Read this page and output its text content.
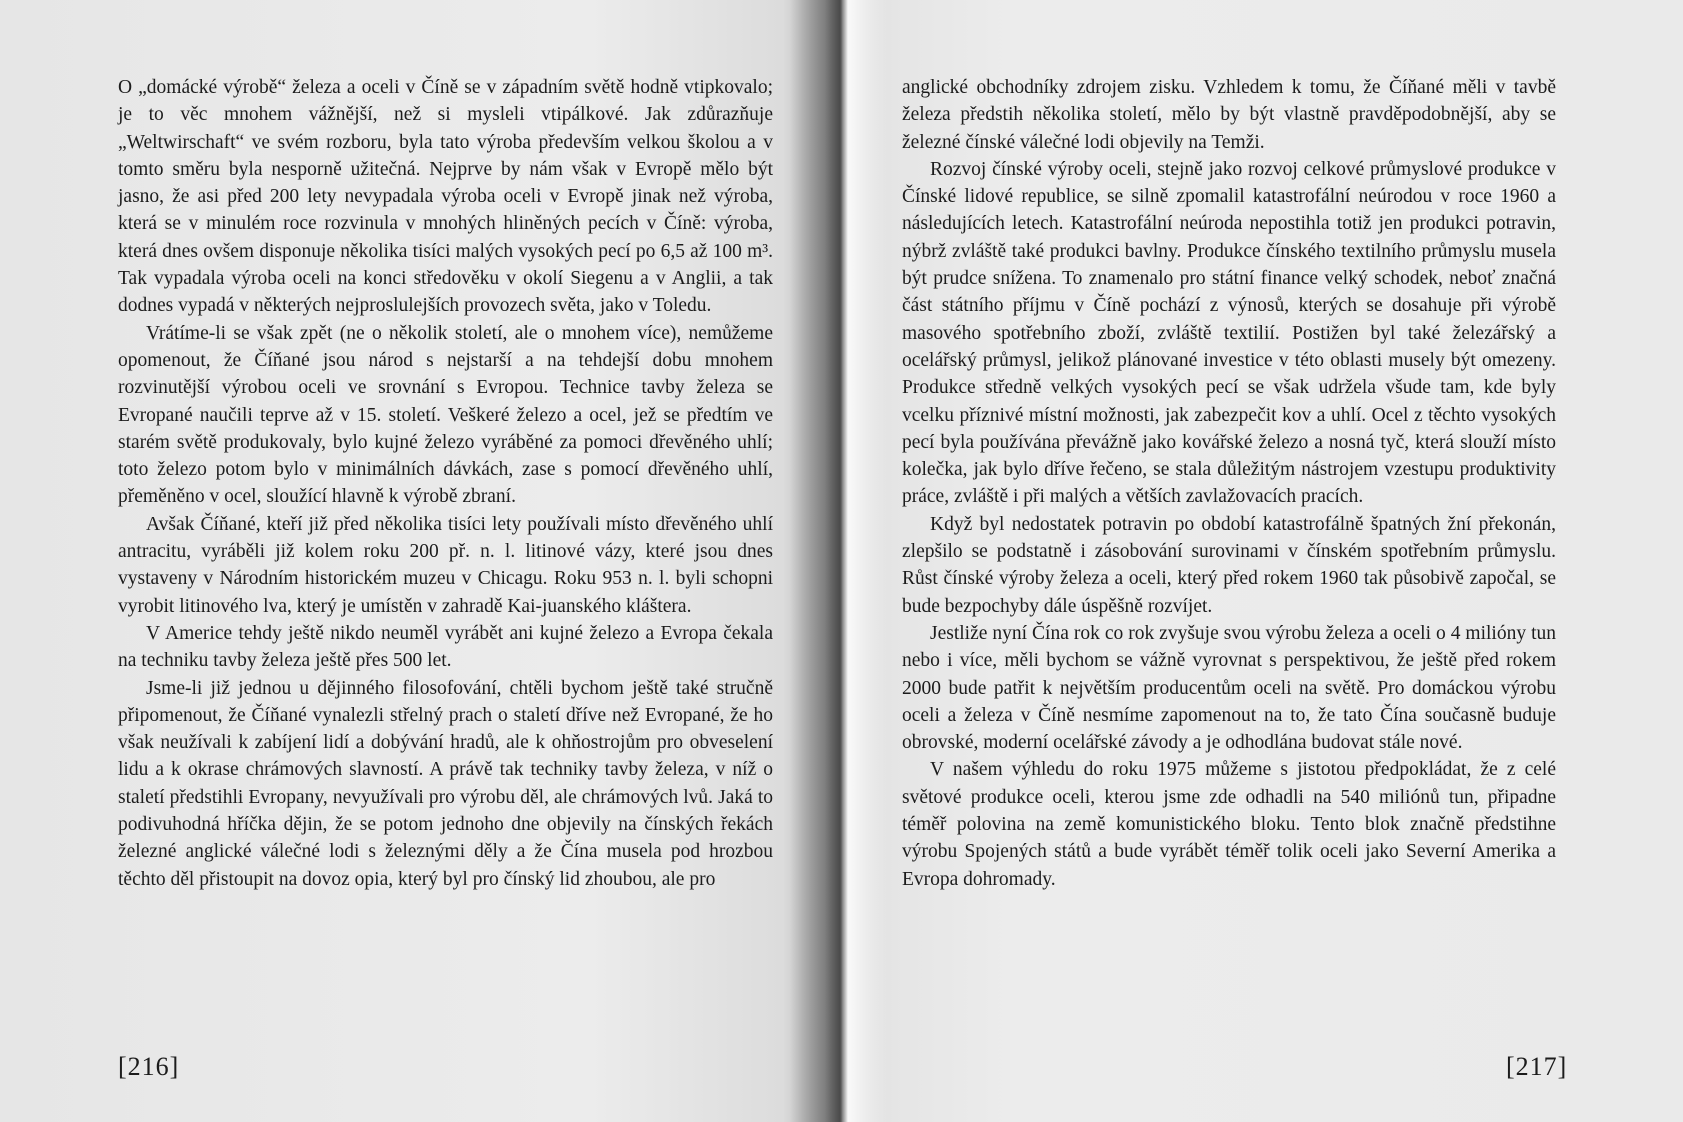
O „domácké výrobě“ železa a oceli v Číně se v západním světě hodně vtipkovalo; je to věc mnohem vážnější, než si mysleli vtipálkové. Jak zdůrazňuje „Weltwirschaft“ ve svém rozboru, byla tato výroba především velkou školou a v tomto směru byla nesporně užitečná. Nejprve by nám však v Evropě mělo být jasno, že asi před 200 lety nevypadala výroba oceli v Evropě jinak než výroba, která se v minulém roce rozvinula v mnohých hliněných pecích v Číně: výroba, která dnes ovšem disponuje několika tisíci malých vysokých pecí po 6,5 až 100 m³. Tak vypadala výroba oceli na konci středověku v okolí Siegenu a v Anglii, a tak dodnes vypadá v některých nejproslulejších provozech světa, jako v Toledu.

Vrátíme-li se však zpět (ne o několik století, ale o mnohem více), nemůžeme opomenout, že Číňané jsou národ s nejstarší a na tehdejší dobu mnohem rozvinutější výrobou oceli ve srovnání s Evropou. Technice tavby železa se Evropané naučili teprve až v 15. století. Veškeré železo a ocel, jež se předtím ve starém světě produkovaly, bylo kujné železo vyráběné za pomoci dřevěného uhlí; toto železo potom bylo v minimálních dávkách, zase s pomocí dřevěného uhlí, přeměněno v ocel, sloužící hlavně k výrobě zbraní.

Avšak Číňané, kteří již před několika tisíci lety používali místo dřevěného uhlí antracitu, vyráběli již kolem roku 200 př. n. l. litinové vázy, které jsou dnes vystaveny v Národním historickém muzeu v Chicagu. Roku 953 n. l. byli schopni vyrobit litinového lva, který je umístěn v zahradě Kai-juanského kláštera.

V Americe tehdy ještě nikdo neuměl vyrábět ani kujné železo a Evropa čekala na techniku tavby železa ještě přes 500 let.

Jsme-li již jednou u dějinného filosofování, chtěli bychom ještě také stručně připomenout, že Číňané vynalezli střelný prach o staletí dříve než Evropané, že ho však neužívali k zabíjení lidí a dobývání hradů, ale k ohňostrojům pro obveselení lidu a k okrase chrámových slavností. A právě tak techniky tavby železa, v níž o staletí předstihli Evropany, nevyužívali pro výrobu děl, ale chrámových lvů. Jaká to podivuhodná hříčka dějin, že se potom jednoho dne objevily na čínských řekách železné anglické válečné lodi s železnými děly a že Čína musela pod hrozbou těchto děl přistoupit na dovoz opia, který byl pro čínský lid zhoubou, ale pro

[216]

anglické obchodníky zdrojem zisku. Vzhledem k tomu, že Číňané měli v tavbě železa předstih několika století, mělo by být vlastně pravděpodobnější, aby se železné čínské válečné lodi objevily na Temži.

Rozvoj čínské výroby oceli, stejně jako rozvoj celkové průmyslové produkce v Čínské lidové republice, se silně zpomalil katastrofální neúrodou v roce 1960 a následujících letech. Katastrofální neúroda nepostihla totiž jen produkci potravin, nýbrž zvláště také produkci bavlny. Produkce čínského textilního průmyslu musela být prudce snížena. To znamenalo pro státní finance velký schodek, neboť značná část státního příjmu v Číně pochází z výnosů, kterých se dosahuje při výrobě masového spotřebního zboží, zvláště textilií. Postižen byl také železářský a ocelářský průmysl, jelikož plánované investice v této oblasti musely být omezeny. Produkce středně velkých vysokých pecí se však udržela všude tam, kde byly vcelku příznivé místní možnosti, jak zabezpečit kov a uhlí. Ocel z těchto vysokých pecí byla používána převážně jako kovářské železo a nosná tyč, která slouží místo kolečka, jak bylo dříve řečeno, se stala důležitým nástrojem vzestupu produktivity práce, zvláště i při malých a větších zavlažovacích pracích.

Když byl nedostatek potravin po období katastrofálně špatných žní překonán, zlepšilo se podstatně i zásobování surovinami v čínském spotřebním průmyslu. Růst čínské výroby železa a oceli, který před rokem 1960 tak působivě započal, se bude bezpochyby dále úspěšně rozvíjet.

Jestliže nyní Čína rok co rok zvyšuje svou výrobu železa a oceli o 4 milióny tun nebo i více, měli bychom se vážně vyrovnat s perspektivou, že ještě před rokem 2000 bude patřit k největším producentům oceli na světě. Pro domáckou výrobu oceli a železa v Číně nesmíme zapomenout na to, že tato Čína současně buduje obrovské, moderní ocelářské závody a je odhodlána budovat stále nové.

V našem výhledu do roku 1975 můžeme s jistotou předpokládat, že z celé světové produkce oceli, kterou jsme zde odhadli na 540 miliónů tun, připadne téměř polovina na země komunistického bloku. Tento blok značně předstihne výrobu Spojených států a bude vyrábět téměř tolik oceli jako Severní Amerika a Evropa dohromady.

[217]
